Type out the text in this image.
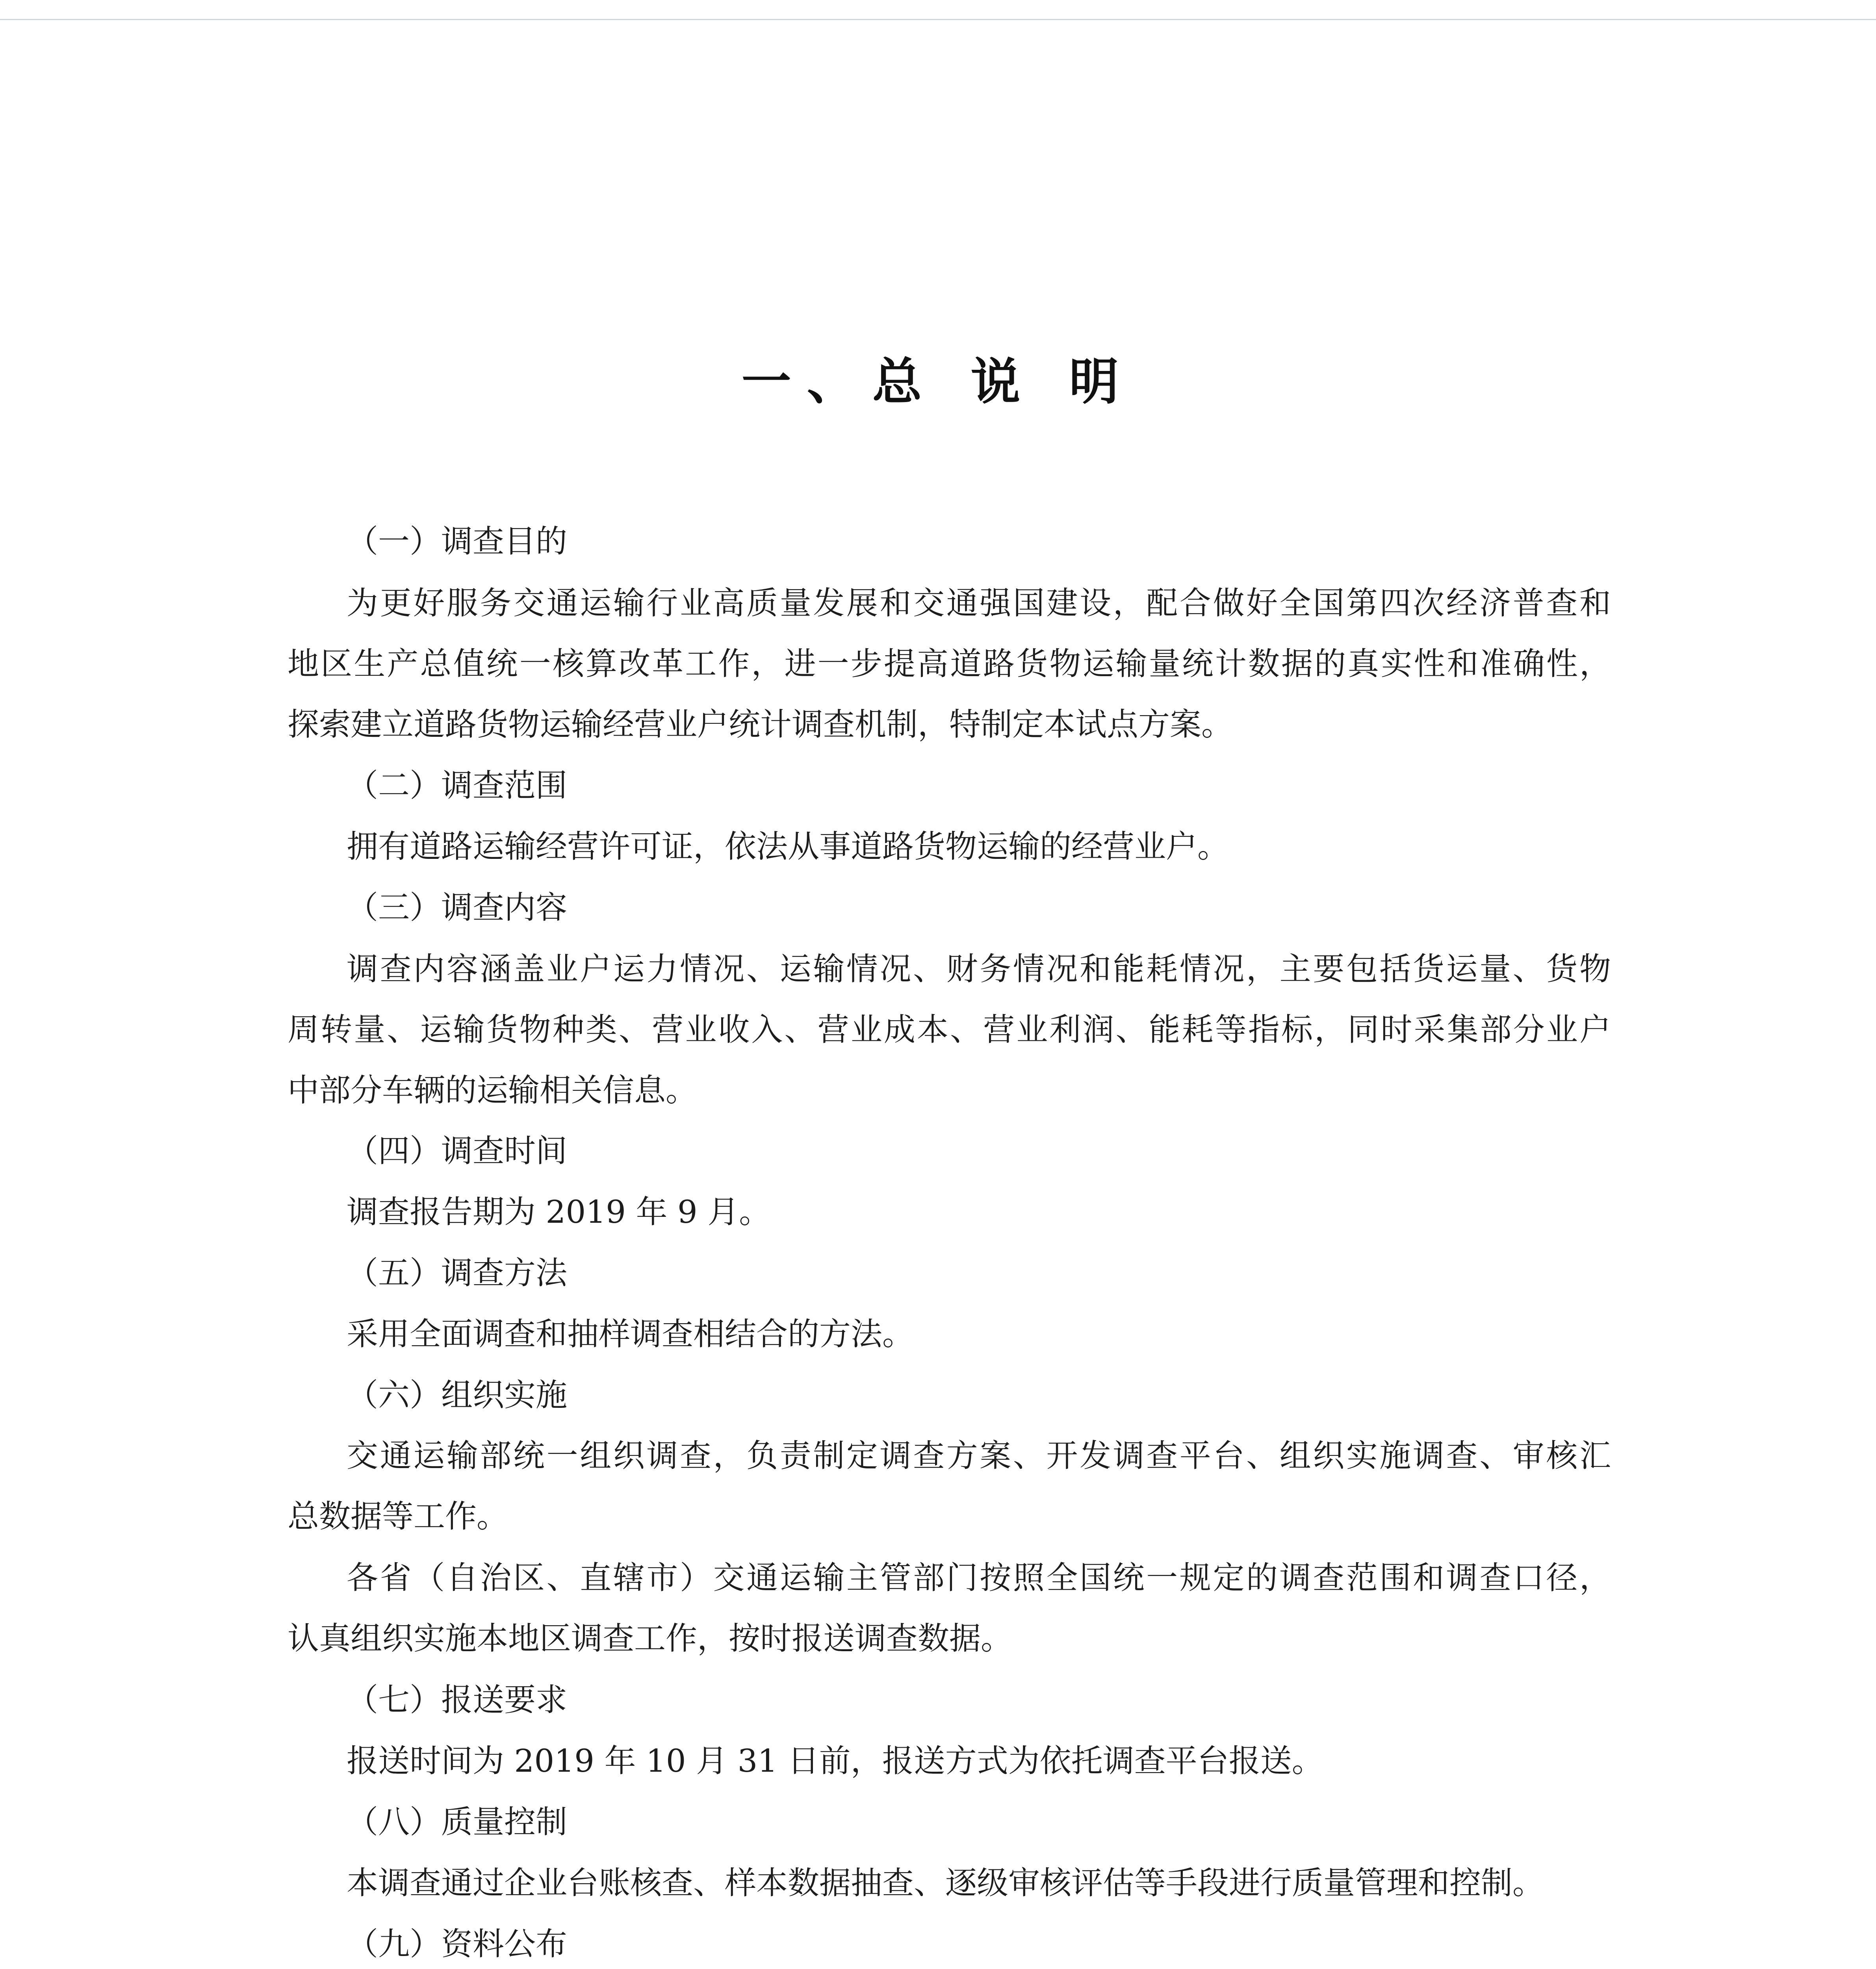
一、总 说 明
（一）调查目的
为更好服务交通运输行业高质量发展和交通强国建设，配合做好全国第四次经济普查和
地区生产总值统一核算改革工作，进一步提高道路货物运输量统计数据的真实性和准确性，
探索建立道路货物运输经营业户统计调查机制，特制定本试点方案。
（二）调查范围
拥有道路运输经营许可证，依法从事道路货物运输的经营业户。
（三）调查内容
调查内容涵盖业户运力情况、运输情况、财务情况和能耗情况，主要包括货运量、货物
周转量、运输货物种类、营业收入、营业成本、营业利润、能耗等指标，同时采集部分业户
中部分车辆的运输相关信息。
（四）调查时间
调查报告期为 2019 年 9 月。
（五）调查方法
采用全面调查和抽样调查相结合的方法。
（六）组织实施
交通运输部统一组织调查，负责制定调查方案、开发调查平台、组织实施调查、审核汇
总数据等工作。
各省（自治区、直辖市）交通运输主管部门按照全国统一规定的调查范围和调查口径，
认真组织实施本地区调查工作，按时报送调查数据。
（七）报送要求
报送时间为 2019 年 10 月 31 日前，报送方式为依托调查平台报送。
（八）质量控制
本调查通过企业台账核查、样本数据抽查、逐级审核评估等手段进行质量管理和控制。
（九）资料公布
